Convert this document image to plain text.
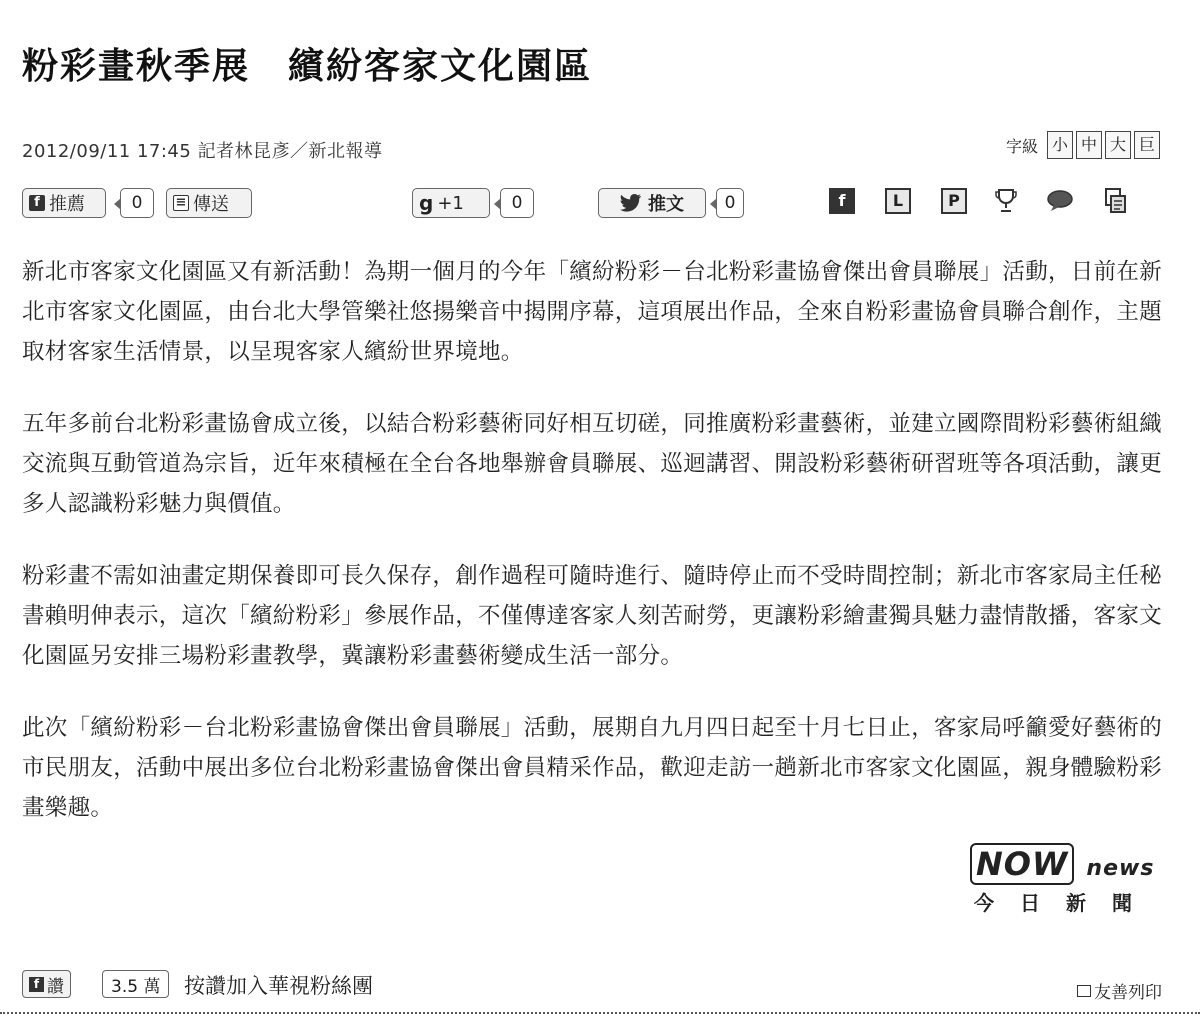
粉彩畫秋季展　繽紛客家文化園區
2012/09/11 17:45 記者林昆彥／新北報導	字級 小 中 大 巨
f 推薦	0	≡ 傳送	g +1	0	推文	0	f	L	P

新北市客家文化園區又有新活動！為期一個月的今年「繽紛粉彩－台北粉彩畫協會傑出會員聯展」活動，日前在新北市客家文化園區，由台北大學管樂社悠揚樂音中揭開序幕，這項展出作品，全來自粉彩畫協會員聯合創作，主題取材客家生活情景，以呈現客家人繽紛世界境地。

五年多前台北粉彩畫協會成立後，以結合粉彩藝術同好相互切磋，同推廣粉彩畫藝術，並建立國際間粉彩藝術組織交流與互動管道為宗旨，近年來積極在全台各地舉辦會員聯展、巡迴講習、開設粉彩藝術研習班等各項活動，讓更多人認識粉彩魅力與價值。

粉彩畫不需如油畫定期保養即可長久保存，創作過程可隨時進行、隨時停止而不受時間控制；新北市客家局主任秘書賴明伸表示，這次「繽紛粉彩」參展作品，不僅傳達客家人刻苦耐勞，更讓粉彩繪畫獨具魅力盡情散播，客家文化園區另安排三場粉彩畫教學，冀讓粉彩畫藝術變成生活一部分。

此次「繽紛粉彩－台北粉彩畫協會傑出會員聯展」活動，展期自九月四日起至十月七日止，客家局呼籲愛好藝術的市民朋友，活動中展出多位台北粉彩畫協會傑出會員精采作品，歡迎走訪一趟新北市客家文化園區，親身體驗粉彩畫樂趣。

NOW news
今日新聞
f 讚	3.5 萬	按讚加入華視粉絲團	友善列印
